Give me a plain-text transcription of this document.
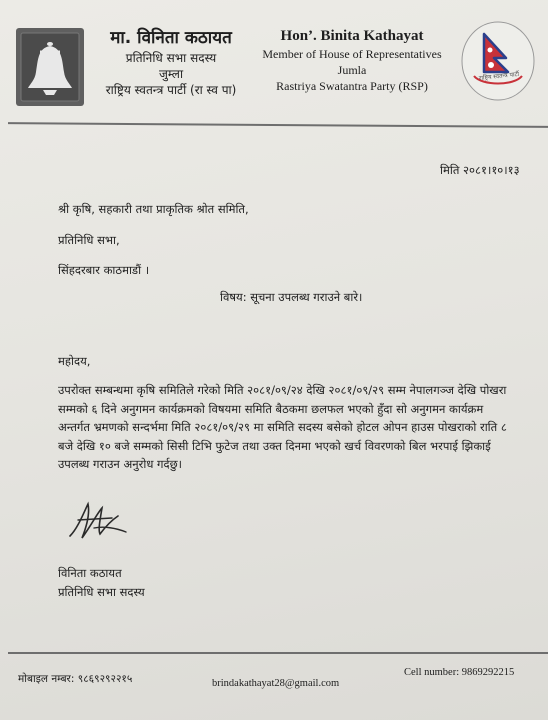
मा. विनिता कठायत
प्रतिनिधि सभा सदस्य
जुम्ला
राष्ट्रिय स्वतन्त्र पार्टी (रा स्व पा)
Hon’. Binita Kathayat
Member of House of Representatives
Jumla
Rastriya Swatantra Party (RSP)
राष्ट्रिय स्वतन्त्र पार्टी
मिति २०८१।१०।१३
श्री कृषि, सहकारी तथा प्राकृतिक श्रोत समिति,
प्रतिनिधि सभा,
सिंहदरबार काठमाडौं ।
विषय: सूचना उपलब्ध गराउने बारे।
महोदय,
उपरोक्त सम्बन्धमा कृषि समितिले गरेको मिति २०८१/०९/२४ देखि २०८१/०९/२९ सम्म नेपालगञ्ज देखि पोखरा
सम्मको ६ दिने अनुगमन कार्यक्रमको विषयमा समिति बैठकमा छलफल भएको हुँदा सो अनुगमन कार्यक्रम
अन्तर्गत भ्रमणको सन्दर्भमा मिति २०८१/०९/२९ मा समिति सदस्य बसेको होटल ओपन हाउस पोखराको राति ८
बजे देखि १० बजे सम्मको सिसी टिभि फुटेज तथा उक्त दिनमा भएको खर्च विवरणको बिल भरपाई झिकाई
उपलब्ध गराउन अनुरोध गर्दछु।
विनिता कठायत
प्रतिनिधि सभा सदस्य
मोबाइल नम्बर: ९८६९२९२२१५	brindakathayat28@gmail.com
Cell number: 9869292215
